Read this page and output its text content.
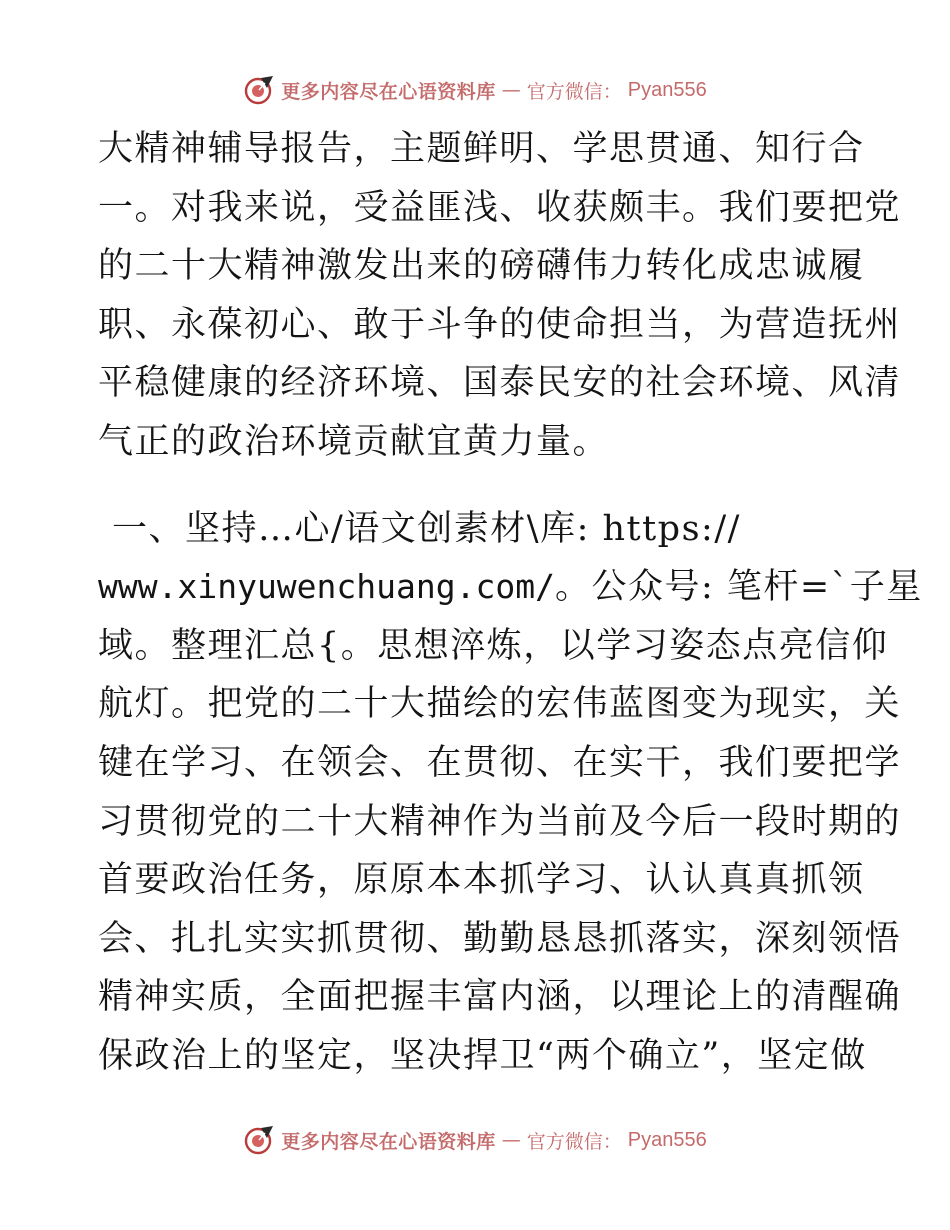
更多内容尽在心语资料库 — 官方微信： Pyan556
大精神辅导报告，主题鲜明、学思贯通、知行合
一。对我来说，受益匪浅、收获颇丰。我们要把党
的二十大精神激发出来的磅礴伟力转化成忠诚履
职、永葆初心、敢于斗争的使命担当，为营造抚州
平稳健康的经济环境、国泰民安的社会环境、风清
气正的政治环境贡献宜黄力量。
一、坚持…心/语文创素材\库: https://
www.xinyuwenchuang.com/。公众号: 笔杆=`子星
域。整理汇总{。思想淬炼，以学习姿态点亮信仰
航灯。把党的二十大描绘的宏伟蓝图变为现实，关
键在学习、在领会、在贯彻、在实干，我们要把学
习贯彻党的二十大精神作为当前及今后一段时期的
首要政治任务，原原本本抓学习、认认真真抓领
会、扎扎实实抓贯彻、勤勤恳恳抓落实，深刻领悟
精神实质，全面把握丰富内涵，以理论上的清醒确
保政治上的坚定，坚决捍卫“两个确立”，坚定做
更多内容尽在心语资料库 — 官方微信： Pyan556
